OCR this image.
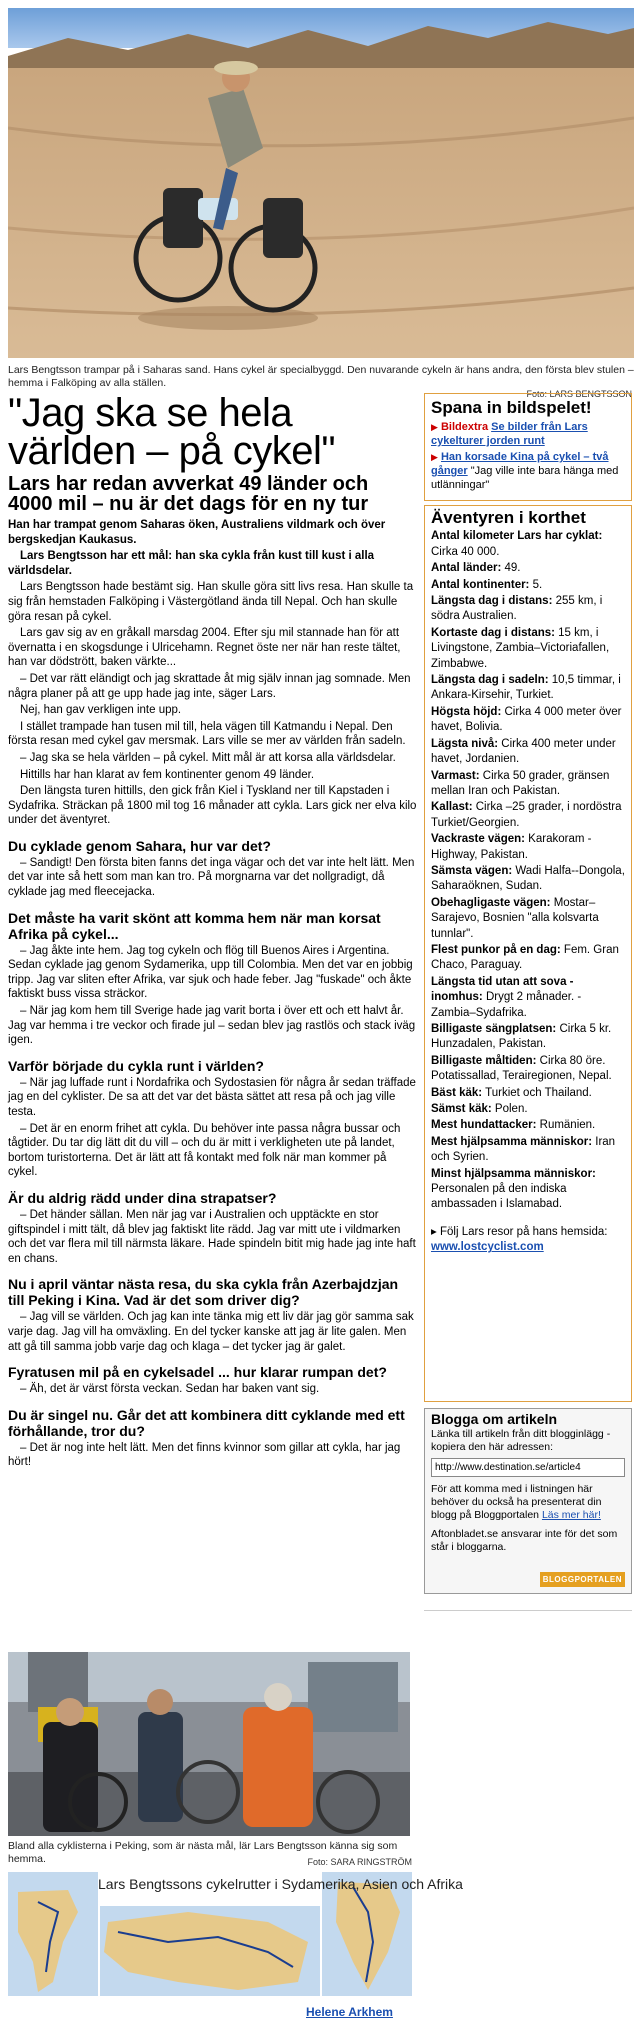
Lars Bengtsson trampar på i Saharas sand. Hans cykel är specialbyggd. Den nuvarande cykeln är hans andra, den första blev stulen – hemma i Falköping av alla ställen.
Foto: LARS BENGTSSON
"Jag ska se hela världen – på cykel"
Lars har redan avverkat 49 länder och 4000 mil – nu är det dags för en ny tur

Han har trampat genom Saharas öken, Australiens vildmark och över bergskedjan Kaukasus.

Lars Bengtsson har ett mål: han ska cykla från kust till kust i alla världsdelar.

Lars Bengtsson hade bestämt sig. Han skulle göra sitt livs resa. Han skulle ta sig från hemstaden Falköping i Västergötland ända till Nepal. Och han skulle göra resan på cykel.

Lars gav sig av en gråkall marsdag 2004. Efter sju mil stannade han för att övernatta i en skogsdunge i Ulricehamn. Regnet öste ner när han reste tältet, han var dödstrött, baken värkte...

– Det var rätt eländigt och jag skrattade åt mig själv innan jag somnade. Men några planer på att ge upp hade jag inte, säger Lars.

Nej, han gav verkligen inte upp.

I stället trampade han tusen mil till, hela vägen till Katmandu i Nepal. Den första resan med cykel gav mersmak. Lars ville se mer av världen från sadeln.

– Jag ska se hela världen – på cykel. Mitt mål är att korsa alla världsdelar.

Hittills har han klarat av fem kontinenter genom 49 länder.

Den längsta turen hittills, den gick från Kiel i Tyskland ner till Kapstaden i Sydafrika. Sträckan på 1800 mil tog 16 månader att cykla. Lars gick ner elva kilo under det äventyret.

Du cyklade genom Sahara, hur var det?

– Sandigt! Den första biten fanns det inga vägar och det var inte helt lätt. Men det var inte så hett som man kan tro. På morgnarna var det nollgradigt, då cyklade jag med fleecejacka.

Det måste ha varit skönt att komma hem när man korsat Afrika på cykel...

– Jag åkte inte hem. Jag tog cykeln och flög till Buenos Aires i Argentina. Sedan cyklade jag genom Sydamerika, upp till Colombia. Men det var en jobbig tripp. Jag var sliten efter Afrika, var sjuk och hade feber. Jag "fuskade" och åkte faktiskt buss vissa sträckor.

– När jag kom hem till Sverige hade jag varit borta i över ett och ett halvt år. Jag var hemma i tre veckor och firade jul – sedan blev jag rastlös och stack iväg igen.

Varför började du cykla runt i världen?

– När jag luffade runt i Nordafrika och Sydostasien för några år sedan träffade jag en del cyklister. De sa att det var det bästa sättet att resa på och jag ville testa.

– Det är en enorm frihet att cykla. Du behöver inte passa några bussar och tågtider. Du tar dig lätt dit du vill – och du är mitt i verkligheten ute på landet, bortom turistorterna. Det är lätt att få kontakt med folk när man kommer på cykel.

Är du aldrig rädd under dina strapatser?

– Det händer sällan. Men när jag var i Australien och upptäckte en stor giftspindel i mitt tält, då blev jag faktiskt lite rädd. Jag var mitt ute i vildmarken och det var flera mil till närmsta läkare. Hade spindeln bitit mig hade jag inte haft en chans.

Nu i april väntar nästa resa, du ska cykla från Azerbajdzjan till Peking i Kina. Vad är det som driver dig?

– Jag vill se världen. Och jag kan inte tänka mig ett liv där jag gör samma sak varje dag. Jag vill ha omväxling. En del tycker kanske att jag är lite galen. Men att gå till samma jobb varje dag och klaga – det tycker jag är galet.

Fyratusen mil på en cykelsadel ... hur klarar rumpan det?

– Äh, det är värst första veckan. Sedan har baken vant sig.

Du är singel nu. Går det att kombinera ditt cyklande med ett förhållande, tror du?

– Det är nog inte helt lätt. Men det finns kvinnor som gillar att cykla, har jag hört!

Spana in bildspelet!
▶ Bildextra Se bilder från Lars cykelturer jorden runt
▶ Han korsade Kina på cykel – två gånger "Jag ville inte bara hänga med utlänningar"
Äventyren i korthet

Antal kilometer Lars har cyklat: Cirka 40 000.

Antal länder: 49.

Antal kontinenter: 5.

Längsta dag i distans: 255 km, i södra Australien.

Kortaste dag i distans: 15 km, i Livingstone, Zambia–Victoriafallen, Zimbabwe.

Längsta dag i sadeln: 10,5 timmar, i Ankara-Kirsehir, Turkiet.

Högsta höjd: Cirka 4 000 meter över havet, Bolivia.

Lägsta nivå: Cirka 400 meter under havet, Jordanien.

Varmast: Cirka 50 grader, gränsen mellan Iran och Pakistan.

Kallast: Cirka –25 grader, i nordöstra Turkiet/Georgien.

Vackraste vägen: Karakoram - Highway, Pakistan.

Sämsta vägen: Wadi Halfa--Dongola, Saharaöknen, Sudan.

Obehagligaste vägen: Mostar–Sarajevo, Bosnien "alla kolsvarta tunnlar".

Flest punkor på en dag: Fem. Gran Chaco, Paraguay.

Längsta tid utan att sova - inomhus: Drygt 2 månader. - Zambia–Sydafrika.

Billigaste sängplatsen: Cirka 5 kr. Hunzadalen, Pakistan.

Billigaste måltiden: Cirka 80 öre. Potatissallad, Terairegionen, Nepal.

Bäst käk: Turkiet och Thailand.

Sämst käk: Polen.

Mest hundattacker: Rumänien.

Mest hjälpsamma människor: Iran och Syrien.

Minst hjälpsamma människor: Personalen på den indiska ambassaden i Islamabad.

▸ Följ Lars resor på hans hemsida:
www.lostcyclist.com

Blogga om artikeln
Länka till artikeln från ditt blogginlägg - kopiera den här adressen:
http://www.destination.se/article4
För att komma med i listningen här behöver du också ha presenterat din blogg på Bloggportalen Läs mer här!
Aftonbladet.se ansvarar inte för det som står i bloggarna.
BLOGGPORTALEN
Bland alla cyklisterna i Peking, som är nästa mål, lär Lars Bengtsson känna sig som hemma.	Foto: SARA RINGSTRÖM
Lars Bengtssons cykelrutter i Sydamerika, Asien och Afrika
Helene Arkhem
